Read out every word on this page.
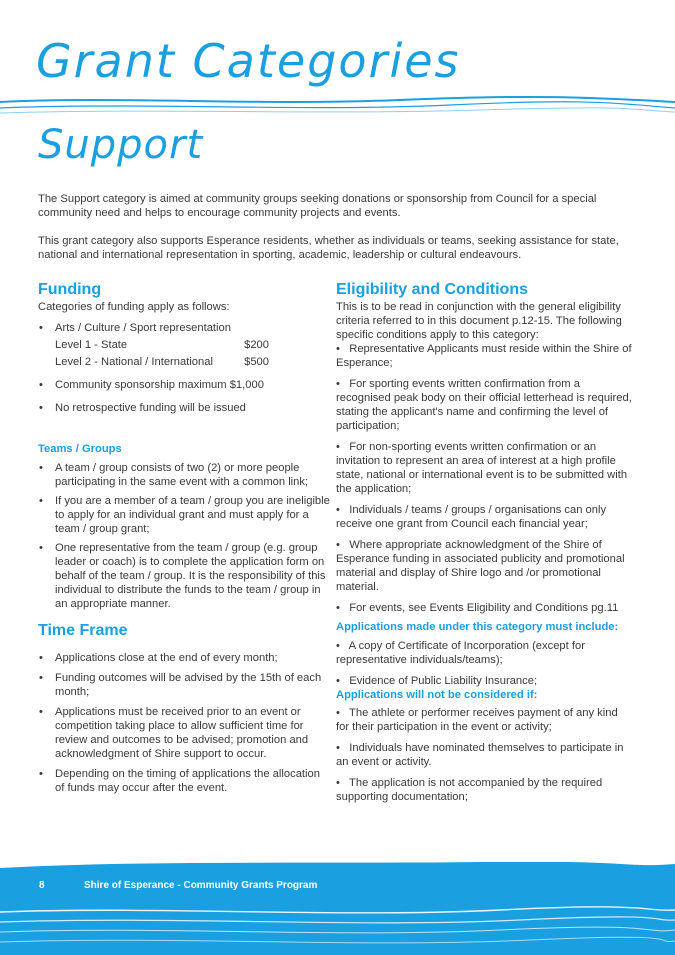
Grant Categories
Support

The Support category is aimed at community groups seeking donations or sponsorship from Council for a special community need and helps to encourage community projects and events.

This grant category also supports Esperance residents, whether as individuals or teams, seeking assistance for state, national and international representation in sporting, academic, leadership or cultural endeavours.

Funding

Categories of funding apply as follows:

• Arts / Culture / Sport representation
Level 1 - State	$200
Level 2 - National / International	$500
• Community sponsorship maximum $1,000
• No retrospective funding will be issued
Teams / Groups
• A team / group consists of two (2) or more people participating in the same event with a common link;
• If you are a member of a team / group you are ineligible to apply for an individual grant and must apply for a team / group grant;
• One representative from the team / group (e.g. group leader or coach) is to complete the application form on behalf of the team / group. It is the responsibility of this individual to distribute the funds to the team / group in an appropriate manner.
Time Frame
• Applications close at the end of every month;
• Funding outcomes will be advised by the 15th of each month;
• Applications must be received prior to an event or competition taking place to allow sufficient time for review and outcomes to be advised; promotion and acknowledgment of Shire support to occur.
• Depending on the timing of applications the allocation of funds may occur after the event.
Eligibility and Conditions

This is to be read in conjunction with the general eligibility criteria referred to in this document p.12-15. The following specific conditions apply to this category:

• Representative Applicants must reside within the Shire of Esperance;

• For sporting events written confirmation from a recognised peak body on their official letterhead is required, stating the applicant's name and confirming the level of participation;

• For non-sporting events written confirmation or an invitation to represent an area of interest at a high profile state, national or international event is to be submitted with the application;

• Individuals / teams / groups / organisations can only receive one grant from Council each financial year;

• Where appropriate acknowledgment of the Shire of Esperance funding in associated publicity and promotional material and display of Shire logo and /or promotional material.

• For events, see Events Eligibility and Conditions pg.11

Applications made under this category must include:

• A copy of Certificate of Incorporation (except for representative individuals/teams);

• Evidence of Public Liability Insurance;

Applications will not be considered if:

• The athlete or performer receives payment of any kind for their participation in the event or activity;

• Individuals have nominated themselves to participate in an event or activity.

• The application is not accompanied by the required supporting documentation;

8	Shire of Esperance - Community Grants Program
